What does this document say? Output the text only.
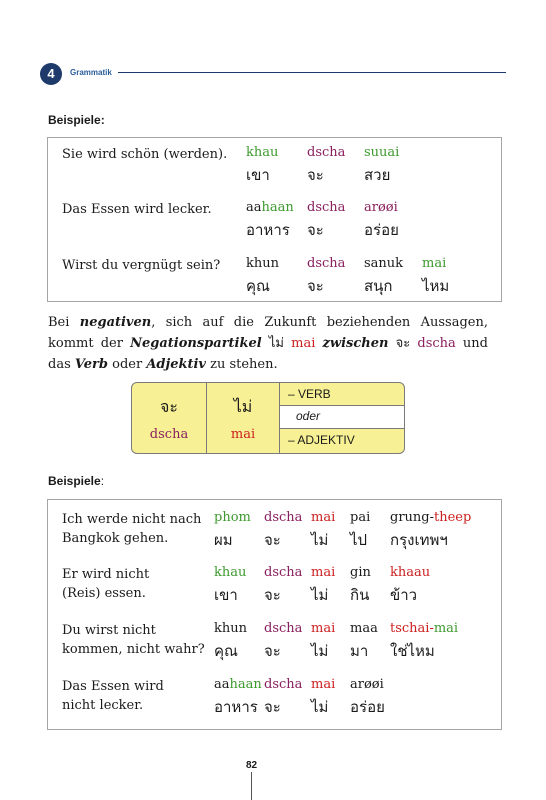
4	Grammatik
Beispiele:
Sie wird schön (werden). khau
เขา
dscha
จะ
suuai
สวย
Das Essen wird lecker.	aahaan
อาหาร
dscha
จะ
arøøi
อร่อย
Wirst du vergnügt sein? khun
คุณ
dscha
จะ
sanuk
สนุก
mai
ไหม
Bei negativen, sich auf die Zukunft beziehenden Aussagen, kommt der Negationspartikel ไม่ mai zwischen จะ dscha und das Verb oder Adjektiv zu stehen.
จะ
dscha
ไม่
mai
– VERB
oder
– ADJEKTIV
Beispiele:
Ich werde nicht nach
Bangkok gehen.
phom
ผม
dscha
จะ
mai
ไม่
pai
ไป
grung-theep
กรุงเทพฯ
Er wird nicht
(Reis) essen.
khau
เขา
dscha
จะ
mai
ไม่
gin
กิน
khaau
ข้าว
Du wirst nicht
kommen, nicht wahr?
khun
คุณ
dscha
จะ
mai
ไม่
maa
มา
tschai-mai
ใช่ไหม
Das Essen wird
nicht lecker.
aahaan
อาหาร
dscha
จะ
mai
ไม่
arøøi
อร่อย
82
